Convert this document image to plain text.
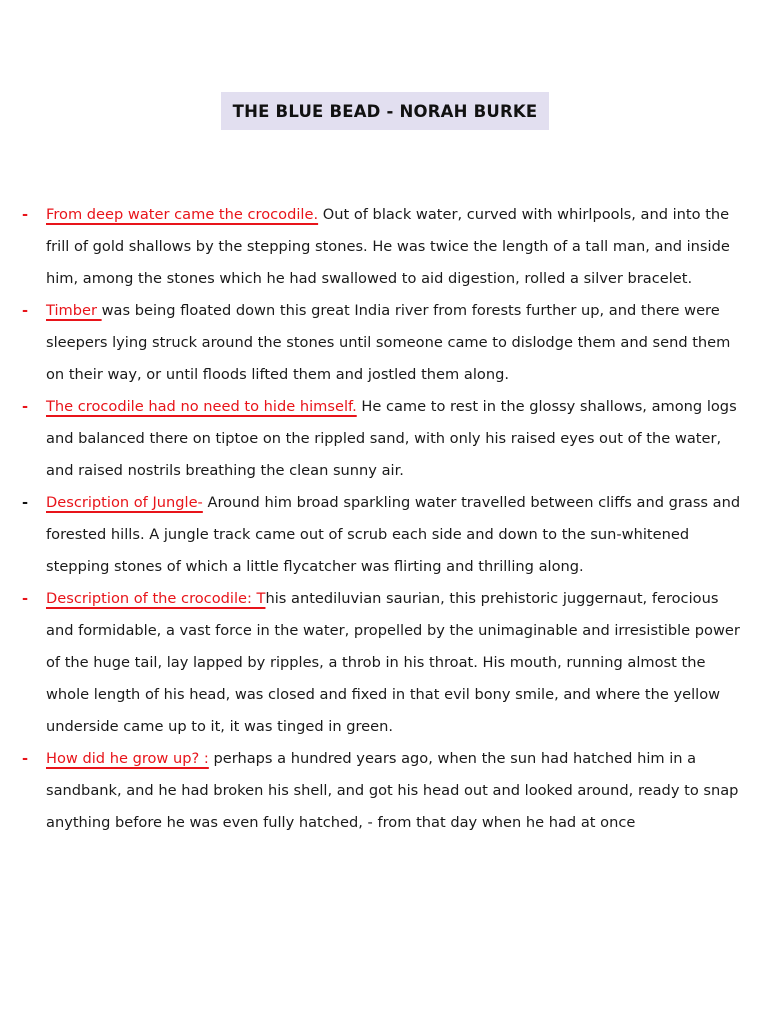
THE BLUE BEAD - NORAH BURKE
- From deep water came the crocodile. Out of black water, curved with whirlpools, and into the frill of gold shallows by the stepping stones. He was twice the length of a tall man, and inside him, among the stones which he had swallowed to aid digestion, rolled a silver bracelet.
- Timber was being floated down this great India river from forests further up, and there were sleepers lying struck around the stones until someone came to dislodge them and send them on their way, or until floods lifted them and jostled them along.
- The crocodile had no need to hide himself. He came to rest in the glossy shallows, among logs and balanced there on tiptoe on the rippled sand, with only his raised eyes out of the water, and raised nostrils breathing the clean sunny air.
- Description of Jungle- Around him broad sparkling water travelled between cliffs and grass and forested hills. A jungle track came out of scrub each side and down to the sun-whitened stepping stones of which a little flycatcher was flirting and thrilling along.
- Description of the crocodile: This antediluvian saurian, this prehistoric juggernaut, ferocious and formidable, a vast force in the water, propelled by the unimaginable and irresistible power of the huge tail, lay lapped by ripples, a throb in his throat. His mouth, running almost the whole length of his head, was closed and fixed in that evil bony smile, and where the yellow underside came up to it, it was tinged in green.
- How did he grow up? : perhaps a hundred years ago, when the sun had hatched him in a sandbank, and he had broken his shell, and got his head out and looked around, ready to snap anything before he was even fully hatched, - from that day when he had at once
